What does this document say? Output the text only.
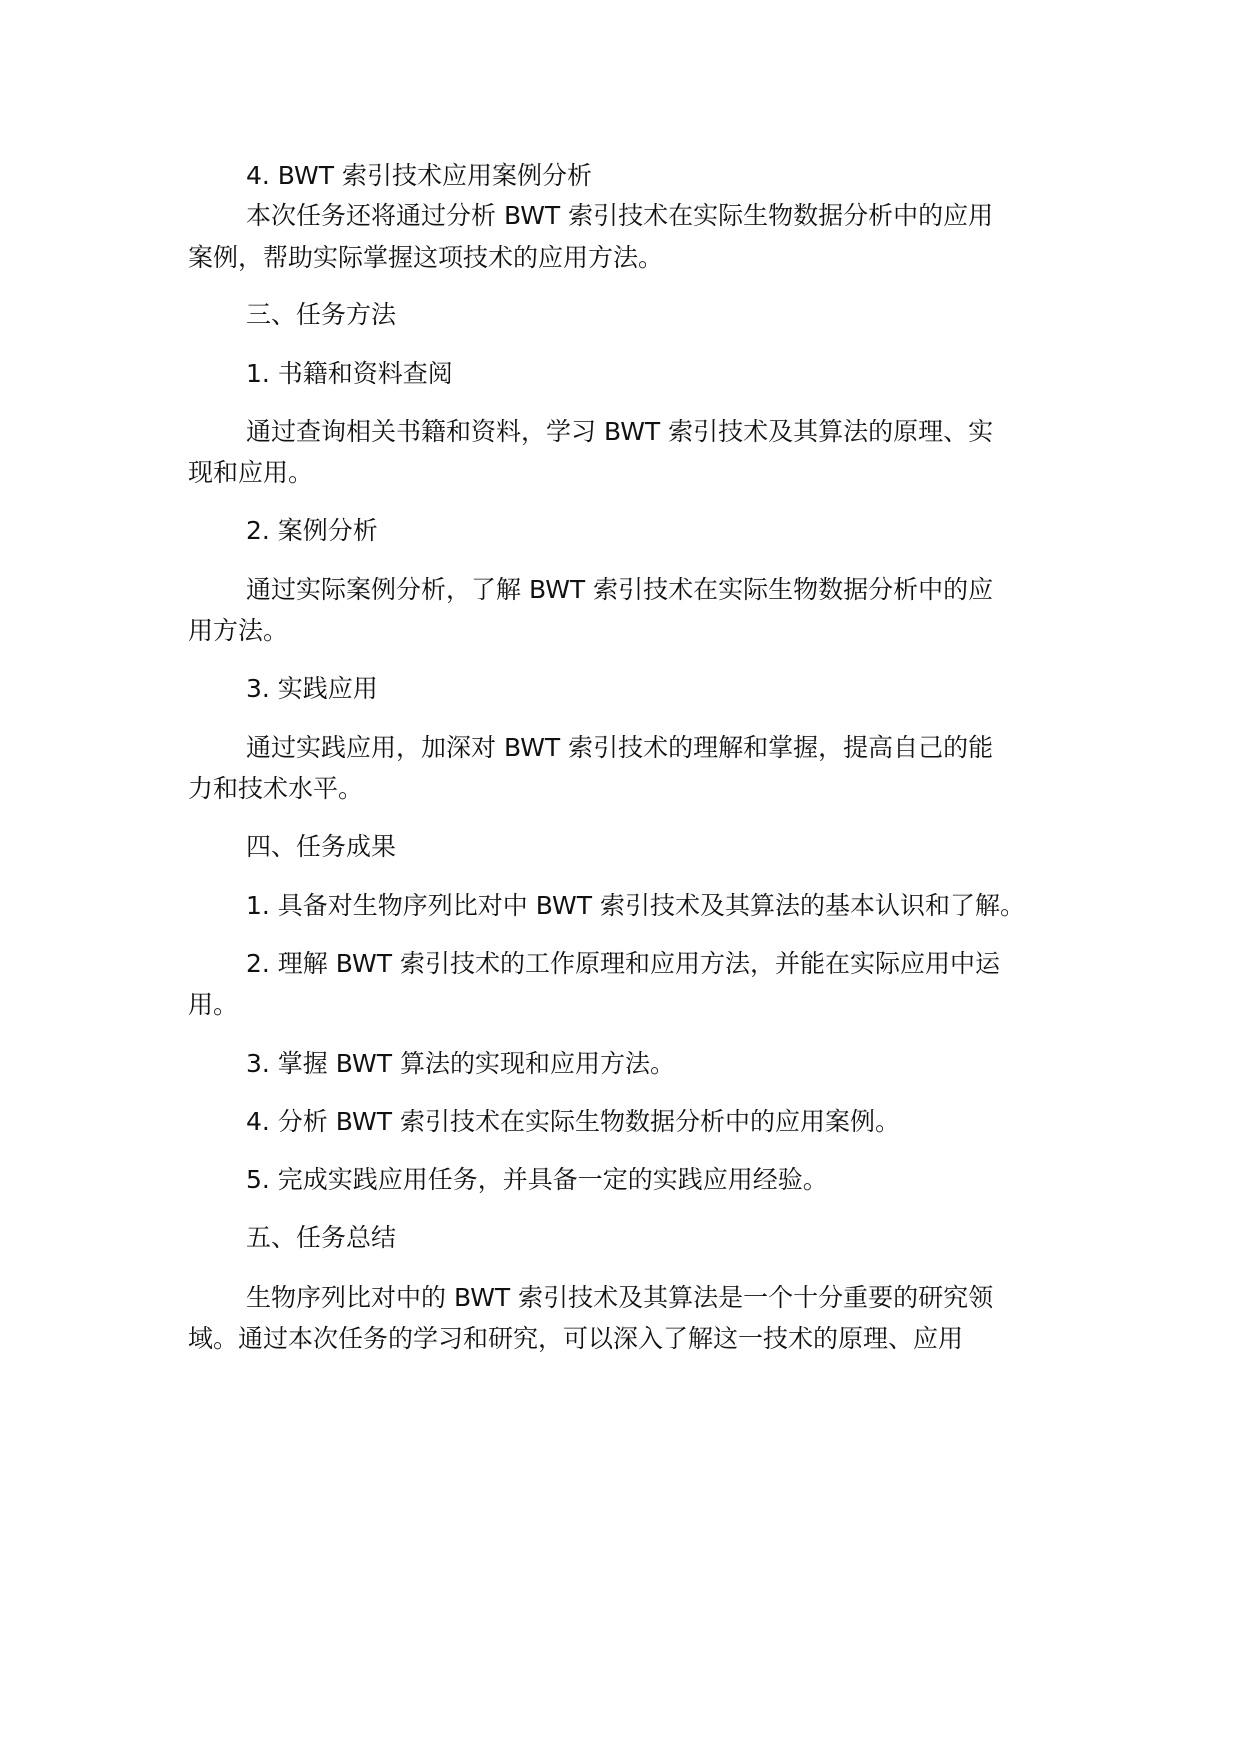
4. BWT 索引技术应用案例分析
本次任务还将通过分析 BWT 索引技术在实际生物数据分析中的应用
案例，帮助实际掌握这项技术的应用方法。
三、任务方法
1. 书籍和资料查阅
通过查询相关书籍和资料，学习 BWT 索引技术及其算法的原理、实
现和应用。
2. 案例分析
通过实际案例分析，了解 BWT 索引技术在实际生物数据分析中的应
用方法。
3. 实践应用
通过实践应用，加深对 BWT 索引技术的理解和掌握，提高自己的能
力和技术水平。
四、任务成果
1. 具备对生物序列比对中 BWT 索引技术及其算法的基本认识和了解。
2. 理解 BWT 索引技术的工作原理和应用方法，并能在实际应用中运
用。
3. 掌握 BWT 算法的实现和应用方法。
4. 分析 BWT 索引技术在实际生物数据分析中的应用案例。
5. 完成实践应用任务，并具备一定的实践应用经验。
五、任务总结
生物序列比对中的 BWT 索引技术及其算法是一个十分重要的研究领
域。通过本次任务的学习和研究，可以深入了解这一技术的原理、应用
